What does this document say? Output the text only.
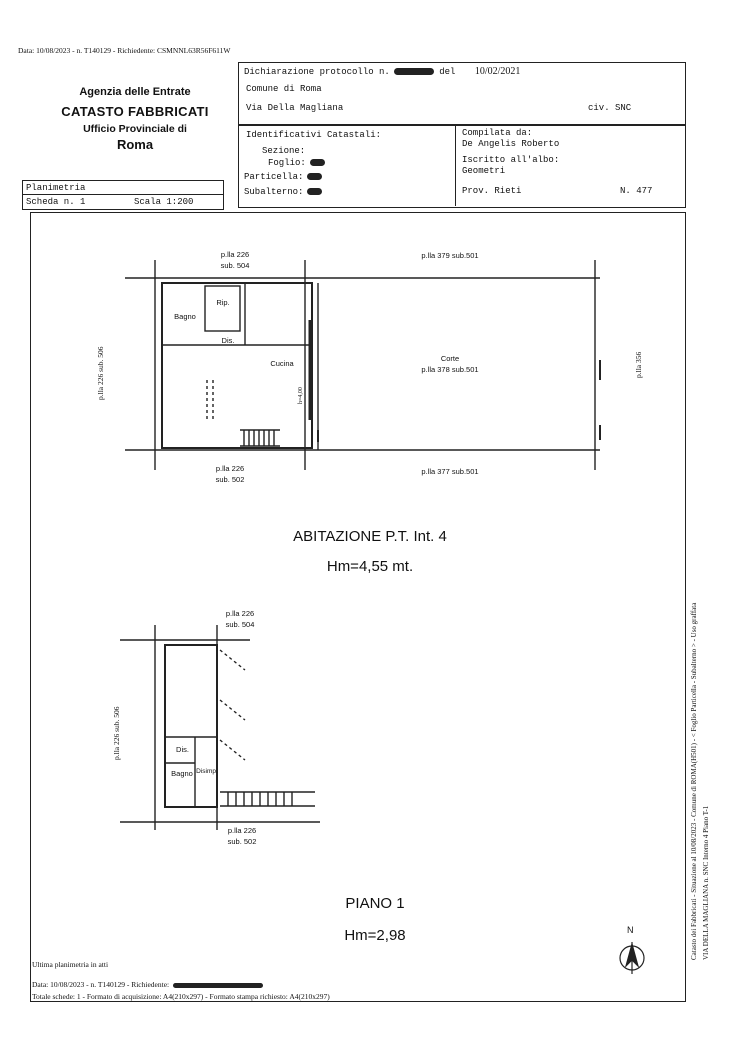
Data: 10/08/2023 - n. T140129 - Richiedente: CSMNNL63R56F611W
Agenzia delle Entrate
CATASTO FABBRICATI
Ufficio Provinciale di
Roma
Dichiarazione protocollo n.	del 10/02/2021
Comune di Roma
Via Della Magliana	civ. SNC
Identificativi Catastali:
Sezione:
Foglio:
Particella:
Subalterno:
Compilata da:
De Angelis Roberto
Iscritto all'albo:
Geometri
Prov. Rieti	N. 477
Planimetria
Scheda n. 1	Scala 1:200
p.lla 226
sub. 504
p.lla 379 sub.501
Bagno
Rip.
Dis.
Cucina
Corte
p.lla 378 sub.501
p.lla 226
sub. 502
p.lla 377 sub.501
p.lla 226 sub. 506	p.lla 356
h=4,00
ABITAZIONE P.T. Int. 4
Hm=4,55 mt.
p.lla 226
sub. 504
p.lla 226 sub. 506
Dis.
Bagno Disimp.
p.lla 226
sub. 502
PIANO 1
Hm=2,98	N
Ultima planimetria in atti
Data: 10/08/2023 - n. T140129 - Richiedente:
Totale schede: 1 - Formato di acquisizione: A4(210x297) - Formato stampa richiesto: A4(210x297)
Catasto dei Fabbricati - Situazione al 10/08/2023 - Comune di ROMA(H501) - < Foglio Particella - Subalterno > - Uso graffata VIA DELLA MAGLIANA n. SNC Interno 4 Piano T-1
